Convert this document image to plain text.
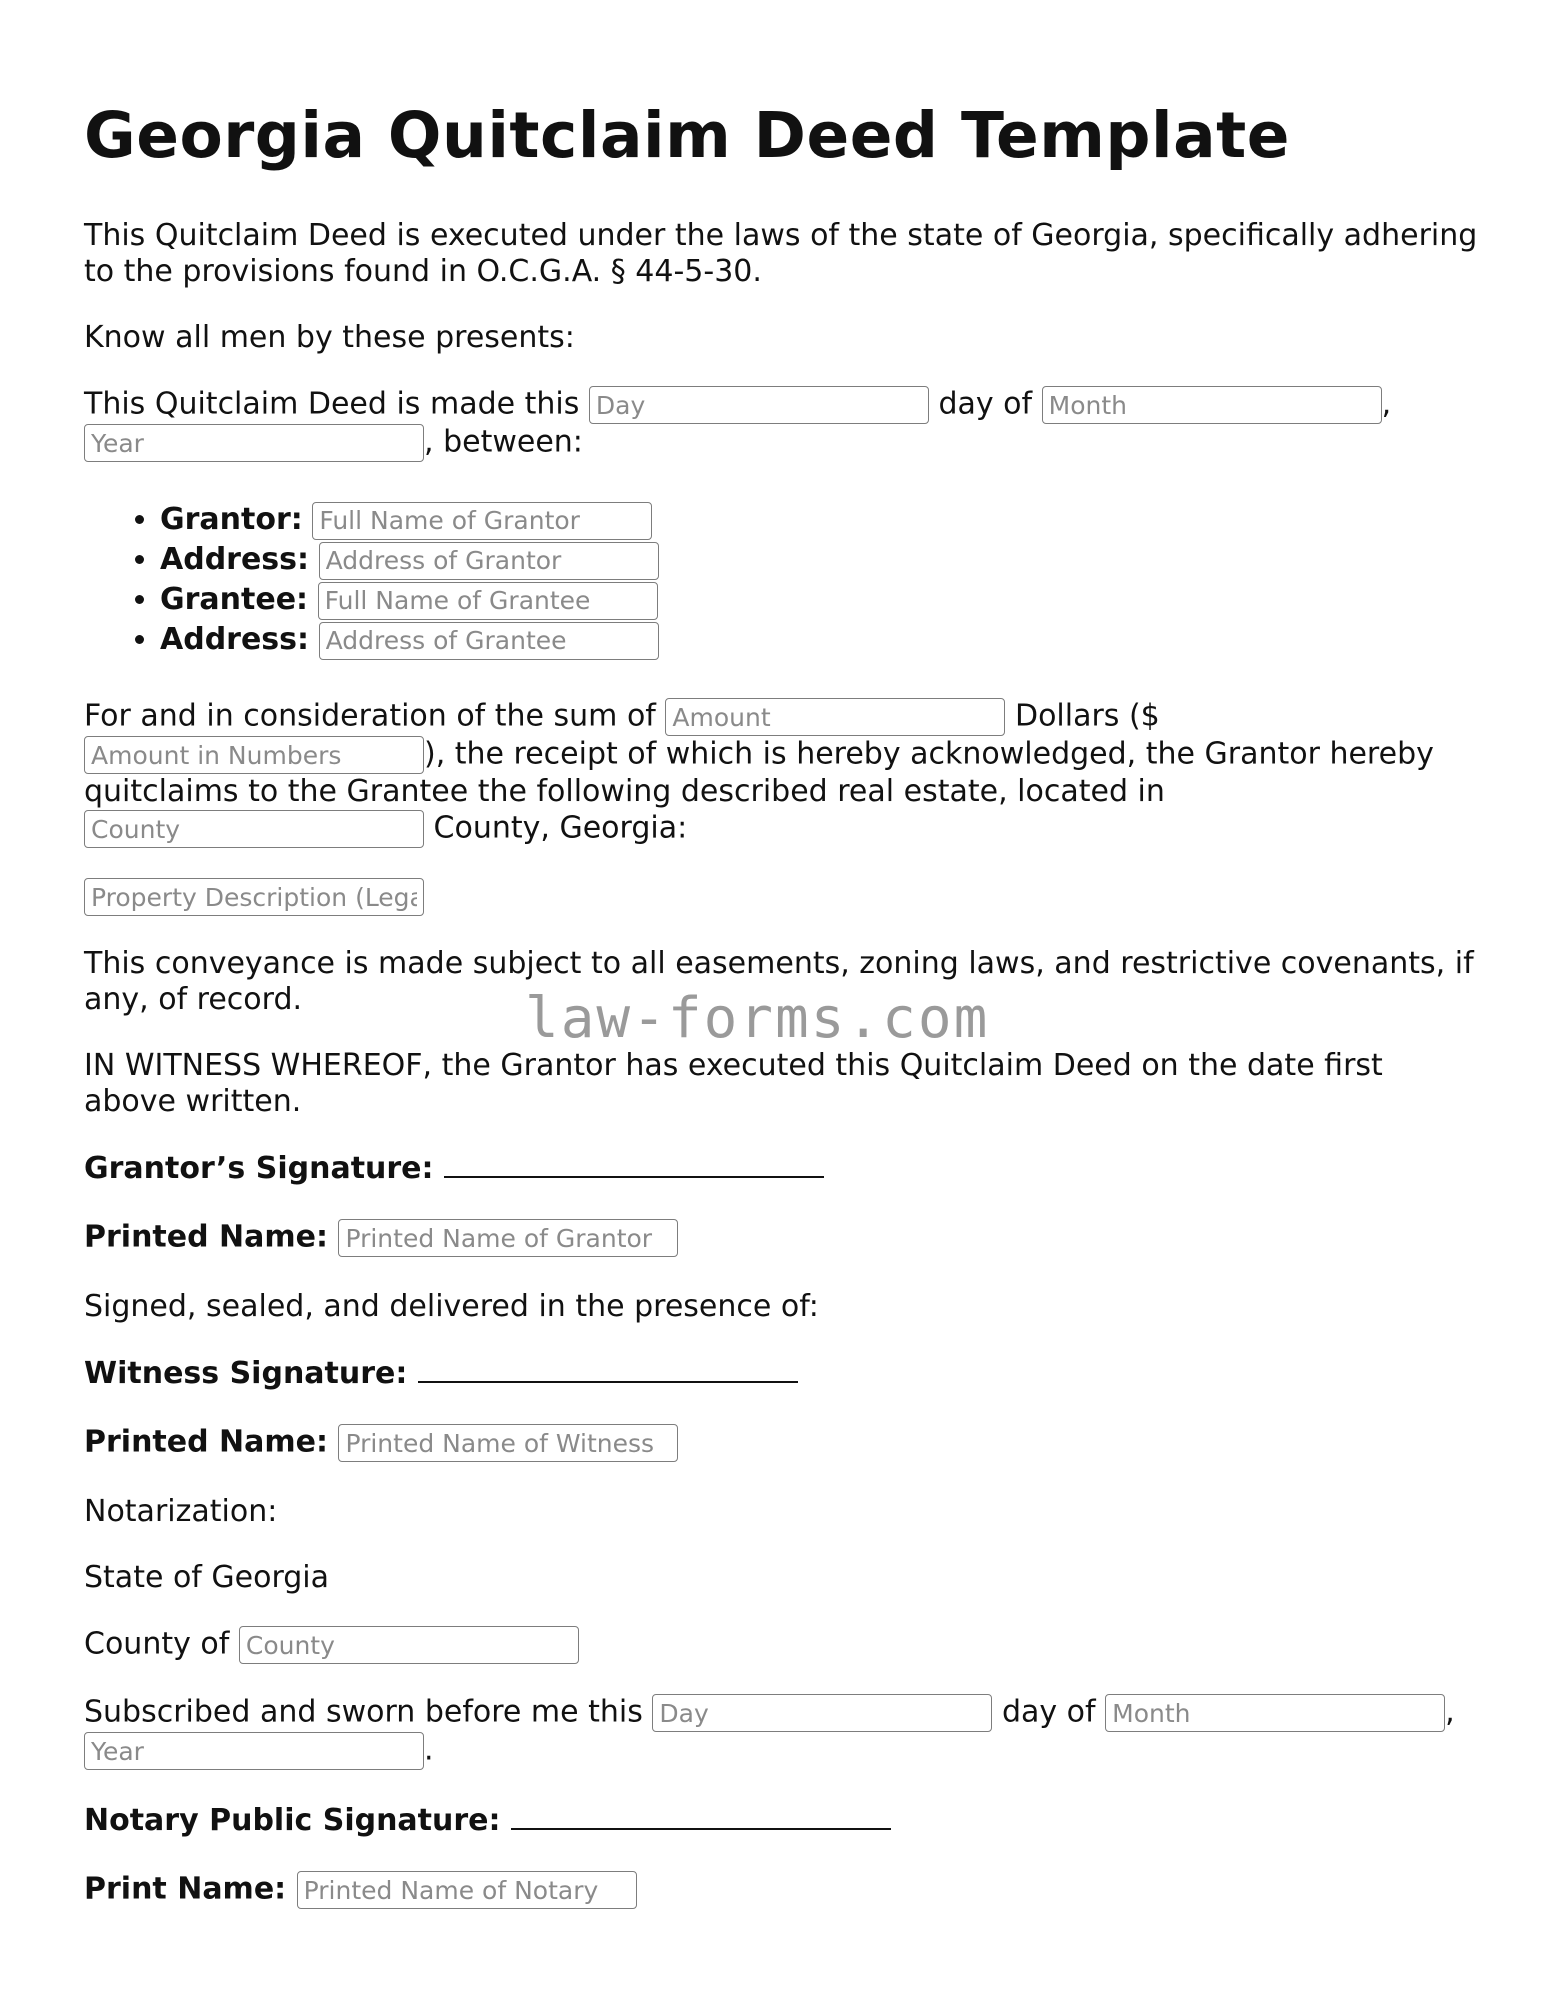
law-forms.com
Georgia Quitclaim Deed Template

This Quitclaim Deed is executed under the laws of the state of Georgia, specifically adhering to the provisions found in O.C.G.A. § 44-5-30.

Know all men by these presents:

This Quitclaim Deed is made this Day	day of Month	,
Year, between:

• Grantor: Full Name of Grantor
• Address: Address of Grantor
• Grantee: Full Name of Grantee
• Address: Address of Grantee

For and in consideration of the sum of Amount	Dollars ($
Amount in Numbers), the receipt of which is hereby acknowledged, the Grantor hereby quitclaims to the Grantee the following described real estate, located in
County County, Georgia:

Property Description (Legal)

This conveyance is made subject to all easements, zoning laws, and restrictive covenants, if any, of record.

IN WITNESS WHEREOF, the Grantor has executed this Quitclaim Deed on the date first above written.

Grantor’s Signature:
Printed Name: Printed Name of Grantor

Signed, sealed, and delivered in the presence of:

Witness Signature:
Printed Name: Printed Name of Witness

Notarization:

State of Georgia

County of County

Subscribed and sworn before me this Day	day of Month	,
Year.

Notary Public Signature:
Print Name: Printed Name of Notary
